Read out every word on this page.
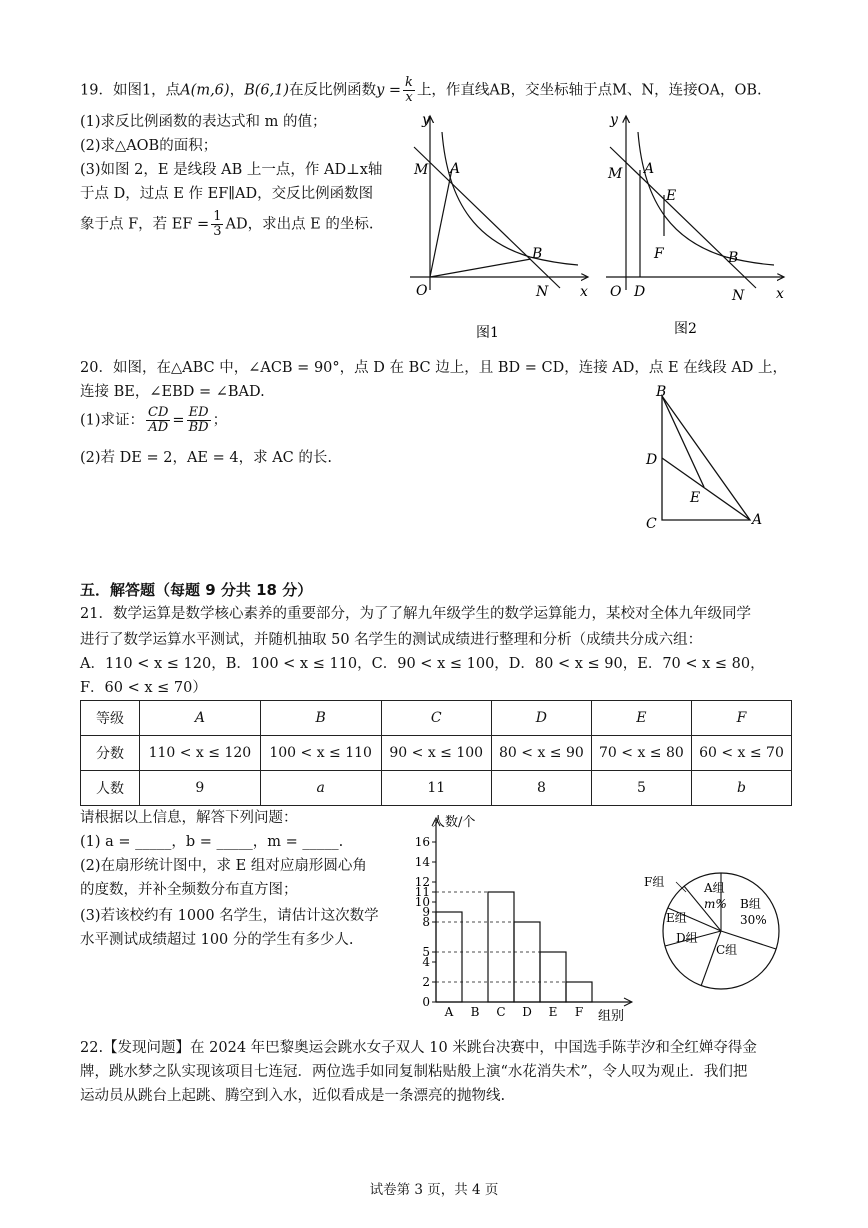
19．如图1，点A(m,6)，B(6,1)在反比例函数$y = \frac{k}{x}$ 上，作直线AB，交坐标轴于点M、N，连接OA，OB.
(1)求反比例函数的表达式和 m 的值；
(2)求△AOB的面积；
(3)如图 2，E 是线段 AB 上一点，作 AD⊥x轴
于点 D，过点 E 作 EF∥AD，交反比例函数图
象于点 F，若 EF = $\frac{1}{3}$ AD，求出点 E 的坐标.
y
x
M A
B
O	N
图1
y
x
M A
E
F	B
O D	N
图2
20．如图，在△ABC 中，∠ACB = 90°，点 D 在 BC 边上，且 BD = CD，连接 AD，点 E 在线段 AD 上，
连接 BE，∠EBD = ∠BAD.
(1)求证： $\frac{CD}{AD} = \frac{ED}{BD}$ ；
(2)若 DE = 2，AE = 4，求 AC 的长.
B
D
E
C	A
五．解答题（每题 9 分共 18 分）
21．数学运算是数学核心素养的重要部分，为了了解九年级学生的数学运算能力，某校对全体九年级同学
进行了数学运算水平测试，并随机抽取 50 名学生的测试成绩进行整理和分析（成绩共分成六组：
A．110 < x ≤ 120，B．100 < x ≤ 110，C．90 < x ≤ 100，D．80 < x ≤ 90，E．70 < x ≤ 80，
F．60 < x ≤ 70）
等级	A	B	C	D	E	F
分数	110 < x ≤ 120	100 < x ≤ 110	90 < x ≤ 100	80 < x ≤ 90	70 < x ≤ 80	60 < x ≤ 70
人数	9	a	11	8	5	b
请根据以上信息，解答下列问题：
(1) a = _____，b = _____，m = _____.
(2)在扇形统计图中，求 E 组对应扇形圆心角
的度数，并补全频数分布直方图；
(3)若该校约有 1000 名学生，请估计这次数学
水平测试成绩超过 100 分的学生有多少人.
人数/个
组别
0
2
4
5
8
9
10
11
12
14
16
A B C D E F
F组	A组
m% B组
30%
E组
D组
C组
22.【发现问题】在 2024 年巴黎奥运会跳水女子双人 10 米跳台决赛中，中国选手陈芋汐和全红婵夺得金
牌，跳水梦之队实现该项目七连冠．两位选手如同复制粘贴般上演“水花消失术”，令人叹为观止．我们把
运动员从跳台上起跳、腾空到入水，近似看成是一条漂亮的抛物线.
试卷第 3 页，共 4 页
